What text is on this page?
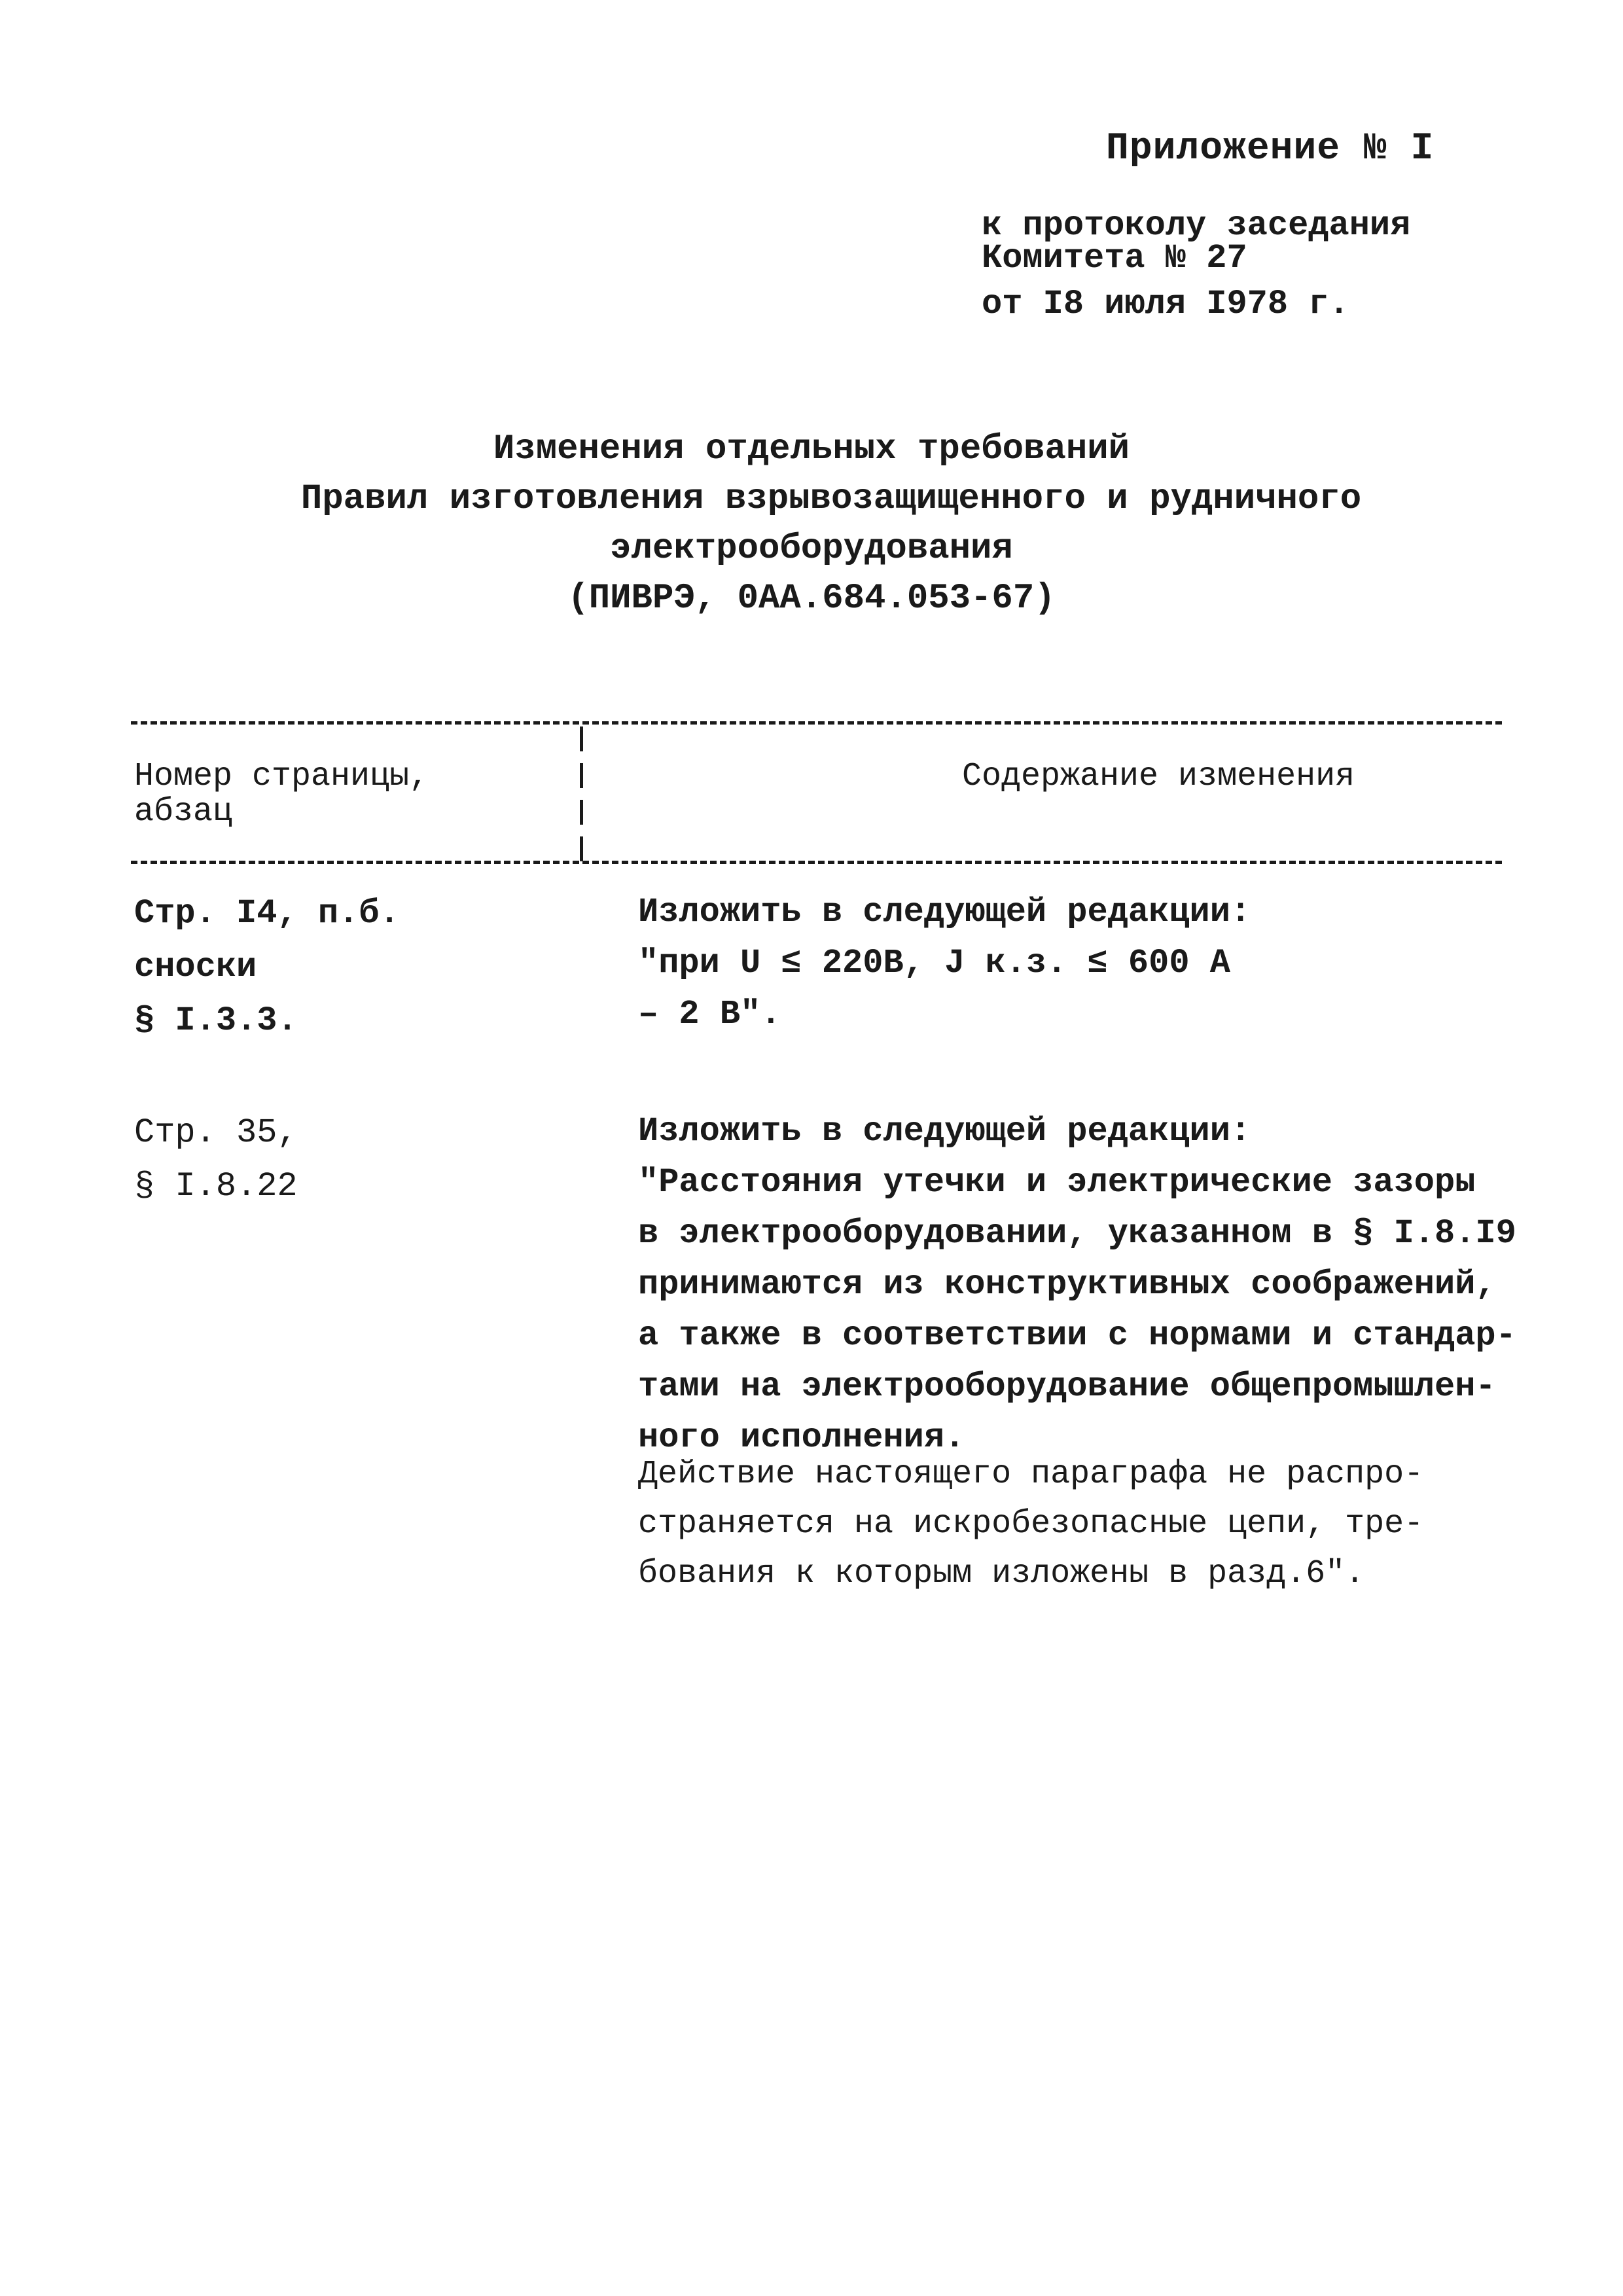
Приложение № I
к протоколу заседания
Комитета № 27
от I8 июля I978 г.
Изменения отдельных требований
Правил изготовления взрывозащищенного и рудничного
электрооборудования
(ПИВРЭ, 0АА.684.053-67)
Номер страницы,
абзац
Содержание изменения
Стр. I4, п.б.
сноски
§ I.3.3.
Изложить в следующей редакции:
"при U ≤ 220В, J к.з. ≤ 600 А
– 2 В".
Стр. 35,
§ I.8.22
Изложить в следующей редакции:
"Расстояния утечки и электрические зазоры
в электрооборудовании, указанном в § I.8.I9
принимаются из конструктивных соображений,
а также в соответствии с нормами и стандар-
тами на электрооборудование общепромышлен-
ного исполнения.
Действие настоящего параграфа не распро-
страняется на искробезопасные цепи, тре-
бования к которым изложены в разд.6".
